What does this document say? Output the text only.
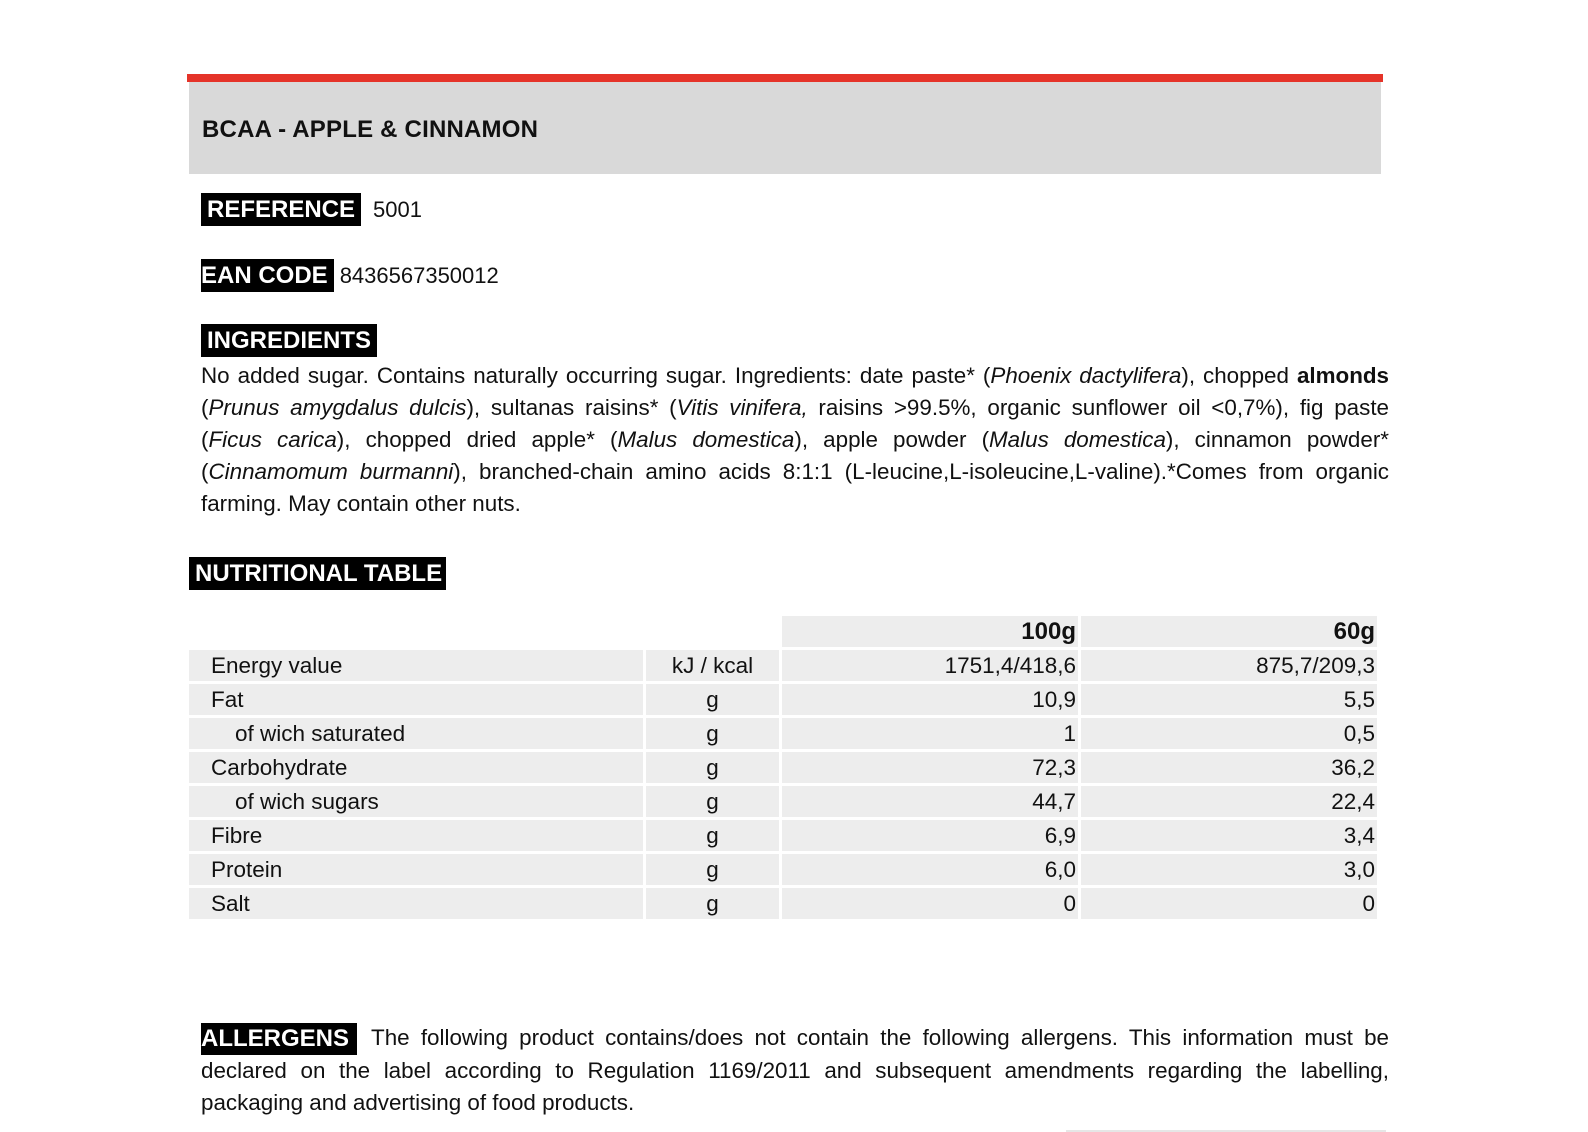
BCAA - APPLE & CINNAMON
REFERENCE 5001
EAN CODE 8436567350012
INGREDIENTS
No added sugar. Contains naturally occurring sugar. Ingredients: date paste* (Phoenix dactylifera), chopped almonds (Prunus amygdalus dulcis), sultanas raisins* (Vitis vinifera, raisins >99.5%, organic sunflower oil <0,7%), fig paste (Ficus carica), chopped dried apple* (Malus domestica), apple powder (Malus domestica), cinnamon powder* (Cinnamomum burmanni), branched-chain amino acids 8:1:1 (L-leucine,L-isoleucine,L-valine).*Comes from organic farming. May contain other nuts.
NUTRITIONAL TABLE
		100g	60g
Energy value	kJ / kcal	1751,4/418,6	875,7/209,3
Fat	g	10,9	5,5
of wich saturated	g	1	0,5
Carbohydrate	g	72,3	36,2
of wich sugars	g	44,7	22,4
Fibre	g	6,9	3,4
Protein	g	6,0	3,0
Salt	g	0	0
ALLERGENS The following product contains/does not contain the following allergens. This information must be declared on the label according to Regulation 1169/2011 and subsequent amendments regarding the labelling, packaging and advertising of food products.
